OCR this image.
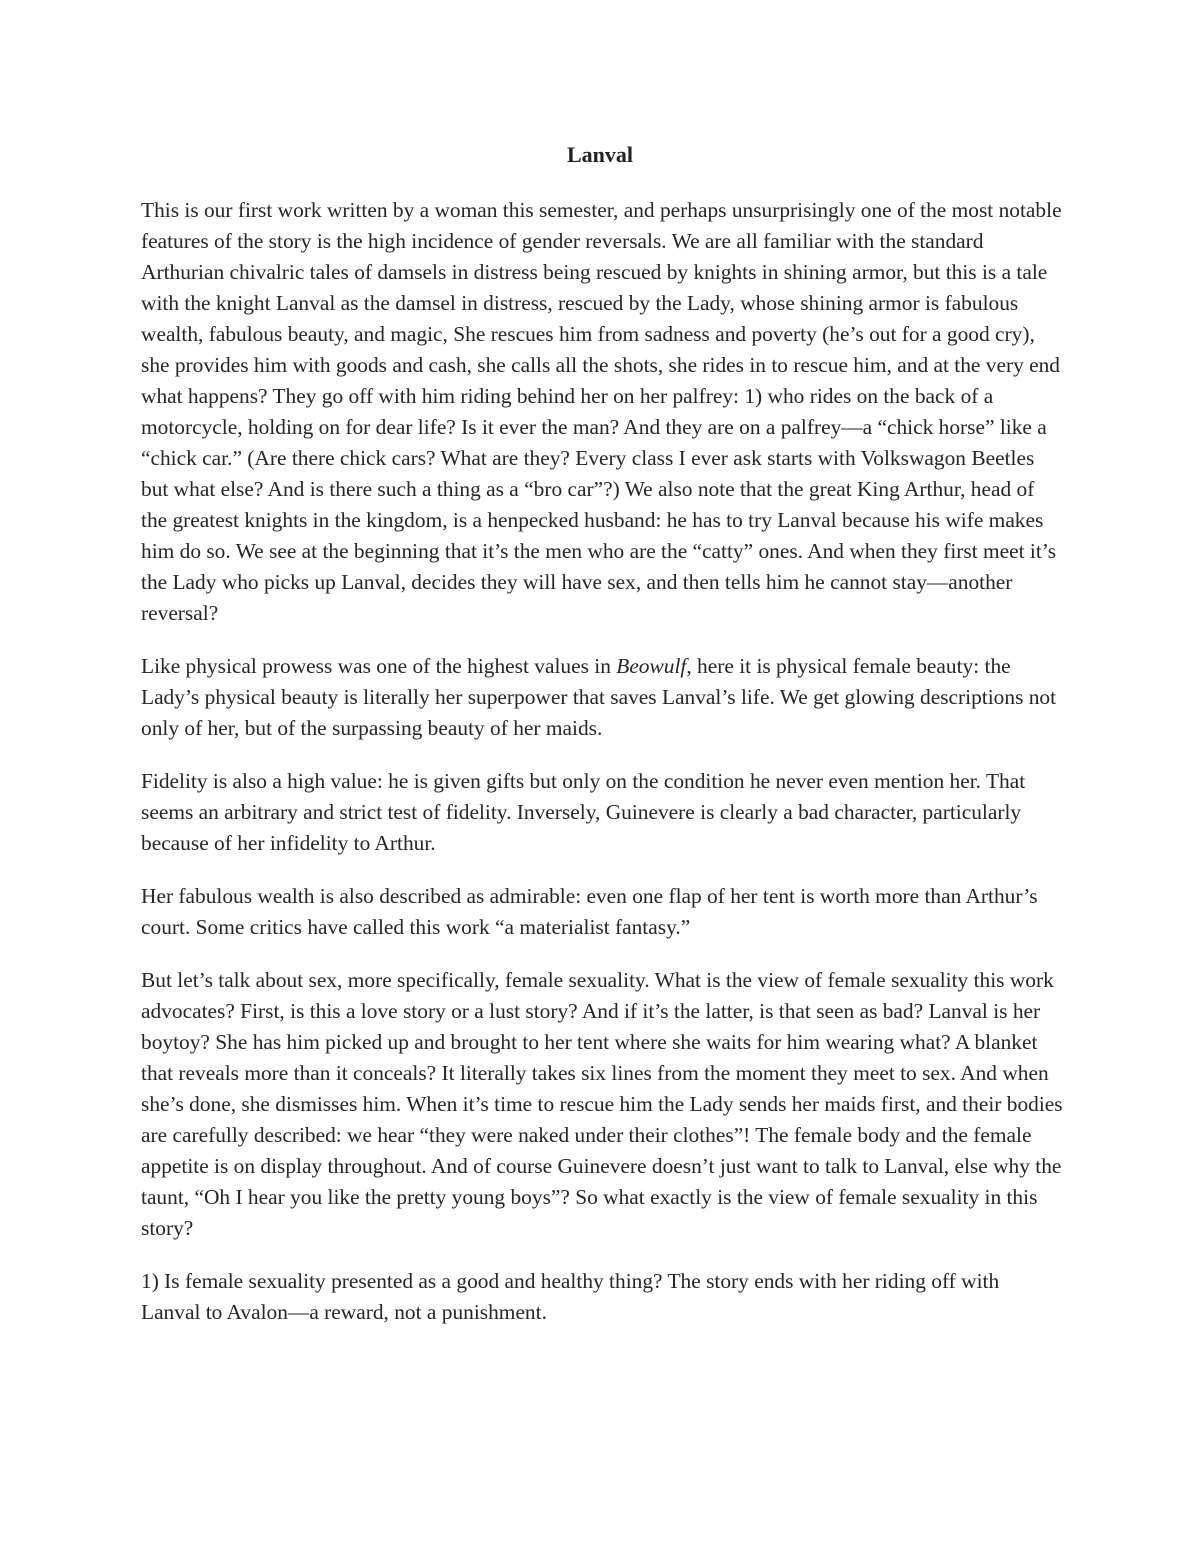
Lanval

This is our first work written by a woman this semester, and perhaps unsurprisingly one of the most notable features of the story is the high incidence of gender reversals. We are all familiar with the standard Arthurian chivalric tales of damsels in distress being rescued by knights in shining armor, but this is a tale with the knight Lanval as the damsel in distress, rescued by the Lady, whose shining armor is fabulous wealth, fabulous beauty, and magic, She rescues him from sadness and poverty (he’s out for a good cry), she provides him with goods and cash, she calls all the shots, she rides in to rescue him, and at the very end what happens? They go off with him riding behind her on her palfrey: 1) who rides on the back of a motorcycle, holding on for dear life? Is it ever the man? And they are on a palfrey—a “chick horse” like a “chick car.” (Are there chick cars? What are they? Every class I ever ask starts with Volkswagon Beetles but what else? And is there such a thing as a “bro car”?) We also note that the great King Arthur, head of the greatest knights in the kingdom, is a henpecked husband: he has to try Lanval because his wife makes him do so. We see at the beginning that it’s the men who are the “catty” ones. And when they first meet it’s the Lady who picks up Lanval, decides they will have sex, and then tells him he cannot stay—another reversal?

Like physical prowess was one of the highest values in Beowulf, here it is physical female beauty: the Lady’s physical beauty is literally her superpower that saves Lanval’s life. We get glowing descriptions not only of her, but of the surpassing beauty of her maids.

Fidelity is also a high value: he is given gifts but only on the condition he never even mention her. That seems an arbitrary and strict test of fidelity. Inversely, Guinevere is clearly a bad character, particularly because of her infidelity to Arthur.

Her fabulous wealth is also described as admirable: even one flap of her tent is worth more than Arthur’s court. Some critics have called this work “a materialist fantasy.”

But let’s talk about sex, more specifically, female sexuality. What is the view of female sexuality this work advocates? First, is this a love story or a lust story? And if it’s the latter, is that seen as bad? Lanval is her boytoy? She has him picked up and brought to her tent where she waits for him wearing what? A blanket that reveals more than it conceals? It literally takes six lines from the moment they meet to sex. And when she’s done, she dismisses him. When it’s time to rescue him the Lady sends her maids first, and their bodies are carefully described: we hear “they were naked under their clothes”! The female body and the female appetite is on display throughout. And of course Guinevere doesn’t just want to talk to Lanval, else why the taunt, “Oh I hear you like the pretty young boys”? So what exactly is the view of female sexuality in this story?

1) Is female sexuality presented as a good and healthy thing? The story ends with her riding off with Lanval to Avalon—a reward, not a punishment.
